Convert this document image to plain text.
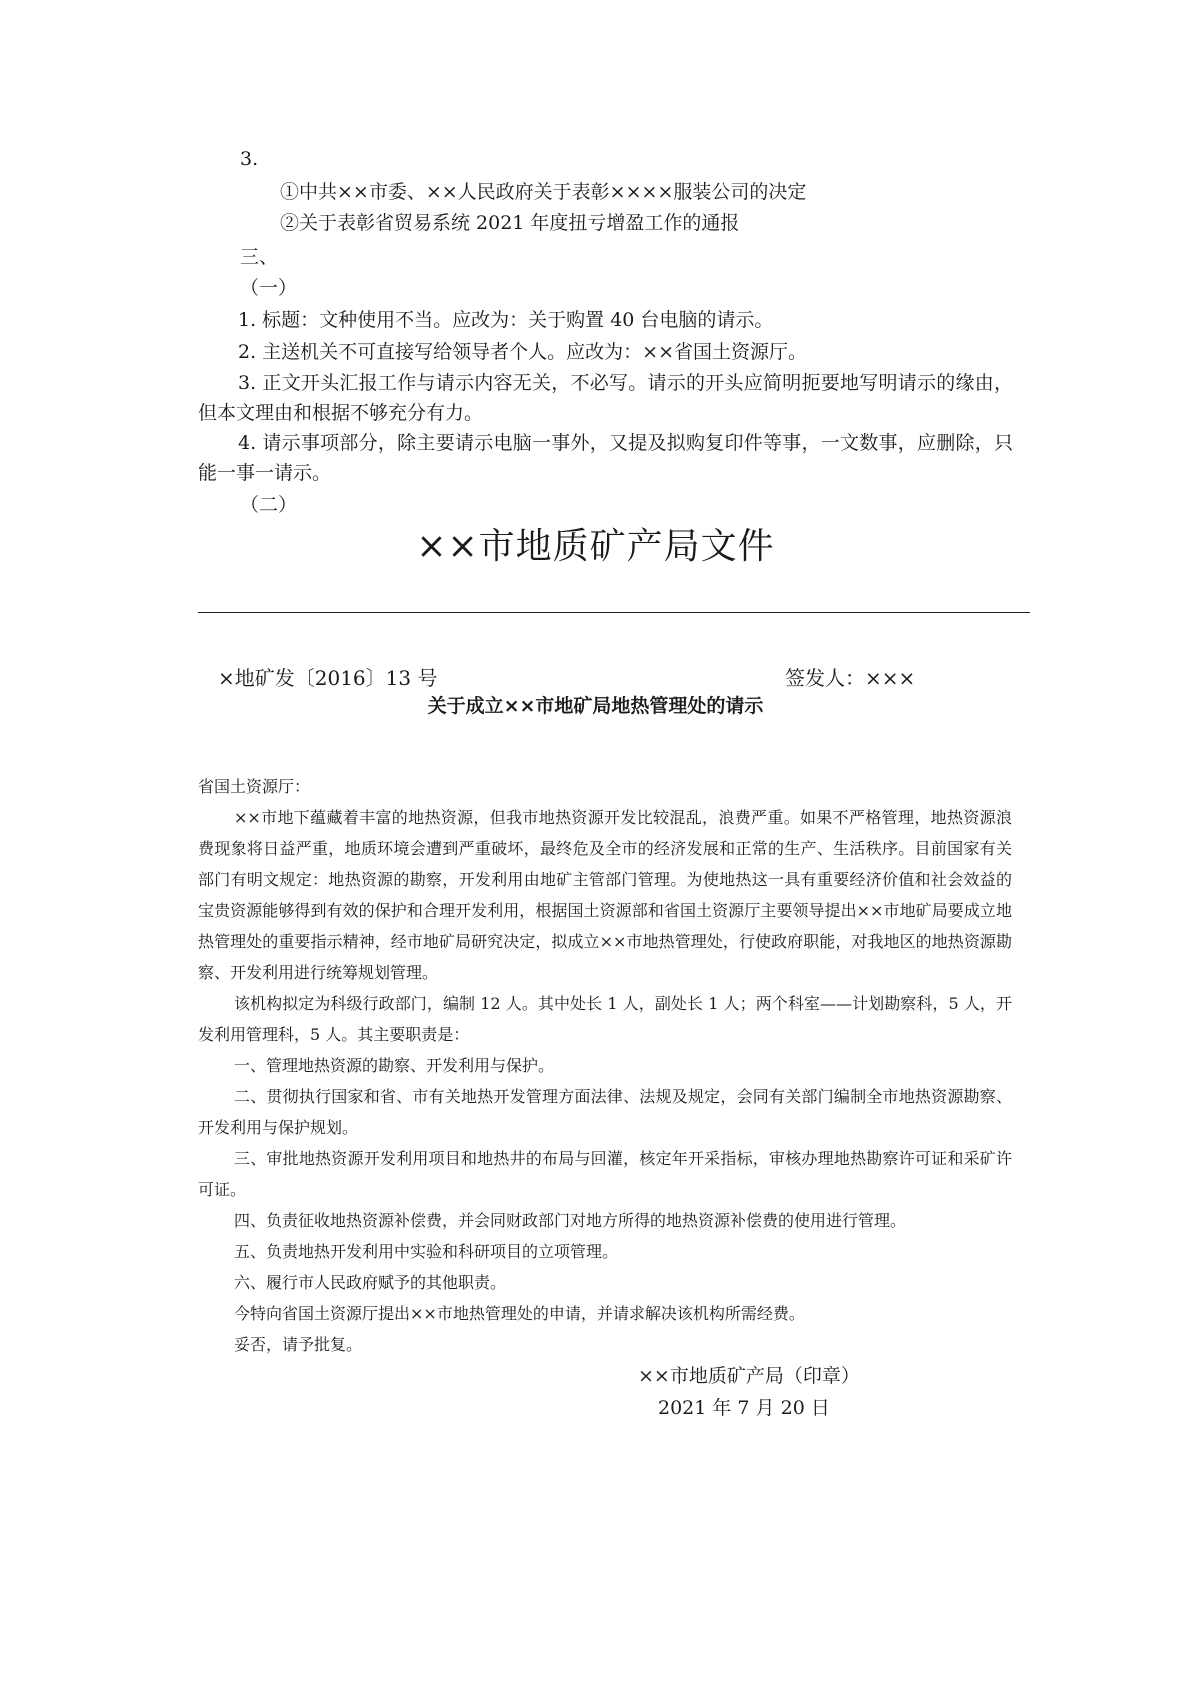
3.
①中共××市委、××人民政府关于表彰××××服装公司的决定
②关于表彰省贸易系统 2021 年度扭亏增盈工作的通报
三、
（一）
1. 标题：文种使用不当。应改为：关于购置 40 台电脑的请示。
2. 主送机关不可直接写给领导者个人。应改为：××省国土资源厅。
3. 正文开头汇报工作与请示内容无关，不必写。请示的开头应简明扼要地写明请示的缘由，但本文理由和根据不够充分有力。
4. 请示事项部分，除主要请示电脑一事外，又提及拟购复印件等事，一文数事，应删除，只能一事一请示。
（二）
××市地质矿产局文件
×地矿发〔2016〕13 号	签发人：×××
关于成立××市地矿局地热管理处的请示

省国土资源厅：

××市地下蕴藏着丰富的地热资源，但我市地热资源开发比较混乱，浪费严重。如果不严格管理，地热资源浪费现象将日益严重，地质环境会遭到严重破坏，最终危及全市的经济发展和正常的生产、生活秩序。目前国家有关部门有明文规定：地热资源的勘察，开发利用由地矿主管部门管理。为使地热这一具有重要经济价值和社会效益的宝贵资源能够得到有效的保护和合理开发利用，根据国土资源部和省国土资源厅主要领导提出××市地矿局要成立地热管理处的重要指示精神，经市地矿局研究决定，拟成立××市地热管理处，行使政府职能，对我地区的地热资源勘察、开发利用进行统筹规划管理。

该机构拟定为科级行政部门，编制 12 人。其中处长 1 人，副处长 1 人；两个科室——计划勘察科，5 人，开发利用管理科，5 人。其主要职责是：

一、管理地热资源的勘察、开发利用与保护。

二、贯彻执行国家和省、市有关地热开发管理方面法律、法规及规定，会同有关部门编制全市地热资源勘察、开发利用与保护规划。

三、审批地热资源开发利用项目和地热井的布局与回灌，核定年开采指标，审核办理地热勘察许可证和采矿许可证。

四、负责征收地热资源补偿费，并会同财政部门对地方所得的地热资源补偿费的使用进行管理。

五、负责地热开发利用中实验和科研项目的立项管理。

六、履行市人民政府赋予的其他职责。

今特向省国土资源厅提出××市地热管理处的申请，并请求解决该机构所需经费。

妥否，请予批复。

××市地质矿产局（印章）
2021 年 7 月 20 日
